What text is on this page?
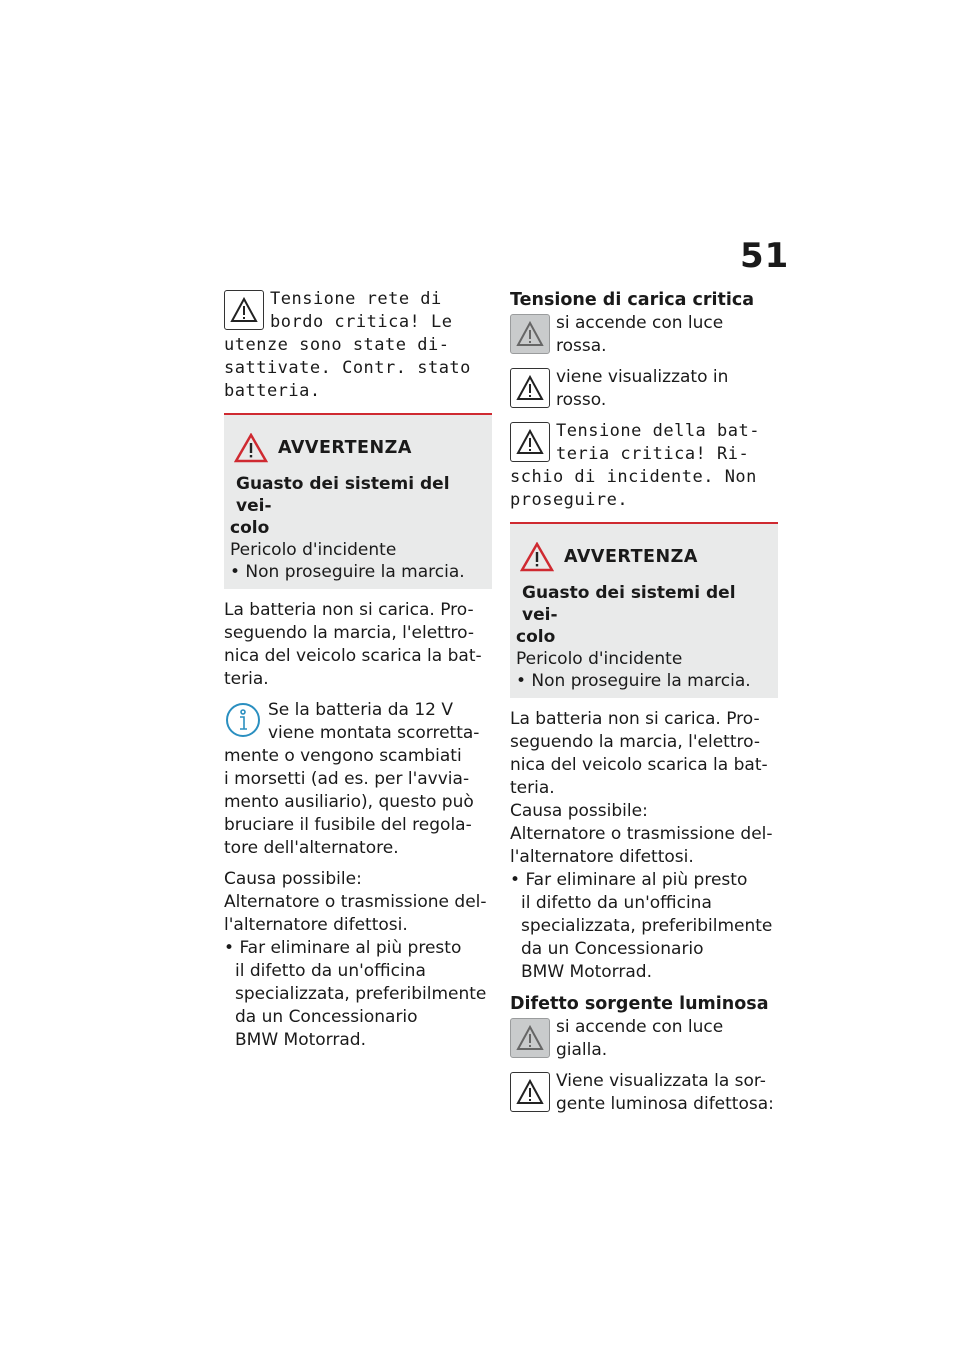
51
Tensione rete di
bordo critica! Le
utenze sono state di-
sattivate. Contr. stato
batteria.
AVVERTENZA
Guasto dei sistemi del vei-
colo
Pericolo d'incidente
• Non proseguire la marcia.

La batteria non si carica. Pro-

seguendo la marcia, l'elettro-

nica del veicolo scarica la bat-

teria.

Se la batteria da 12 V

viene montata scorretta-

mente o vengono scambiati

i morsetti (ad es. per l'avvia-

mento ausiliario), questo può

bruciare il fusibile del regola-

tore dell'alternatore.

Causa possibile:

Alternatore o trasmissione del-

l'alternatore difettosi.

• Far eliminare al più presto

il difetto da un'officina

specializzata, preferibilmente

da un Concessionario

BMW Motorrad.

Tensione di carica critica

si accende con luce rossa.

viene visualizzato in rosso.

Tensione della bat-
teria critica! Ri-
schio di incidente. Non
proseguire.
AVVERTENZA
Guasto dei sistemi del vei-
colo
Pericolo d'incidente
• Non proseguire la marcia.

La batteria non si carica. Pro-

seguendo la marcia, l'elettro-

nica del veicolo scarica la bat-

teria.

Causa possibile:

Alternatore o trasmissione del-

l'alternatore difettosi.

• Far eliminare al più presto

il difetto da un'officina

specializzata, preferibilmente

da un Concessionario

BMW Motorrad.

Difetto sorgente luminosa

si accende con luce gialla.

Viene visualizzata la sor-

gente luminosa difettosa:
